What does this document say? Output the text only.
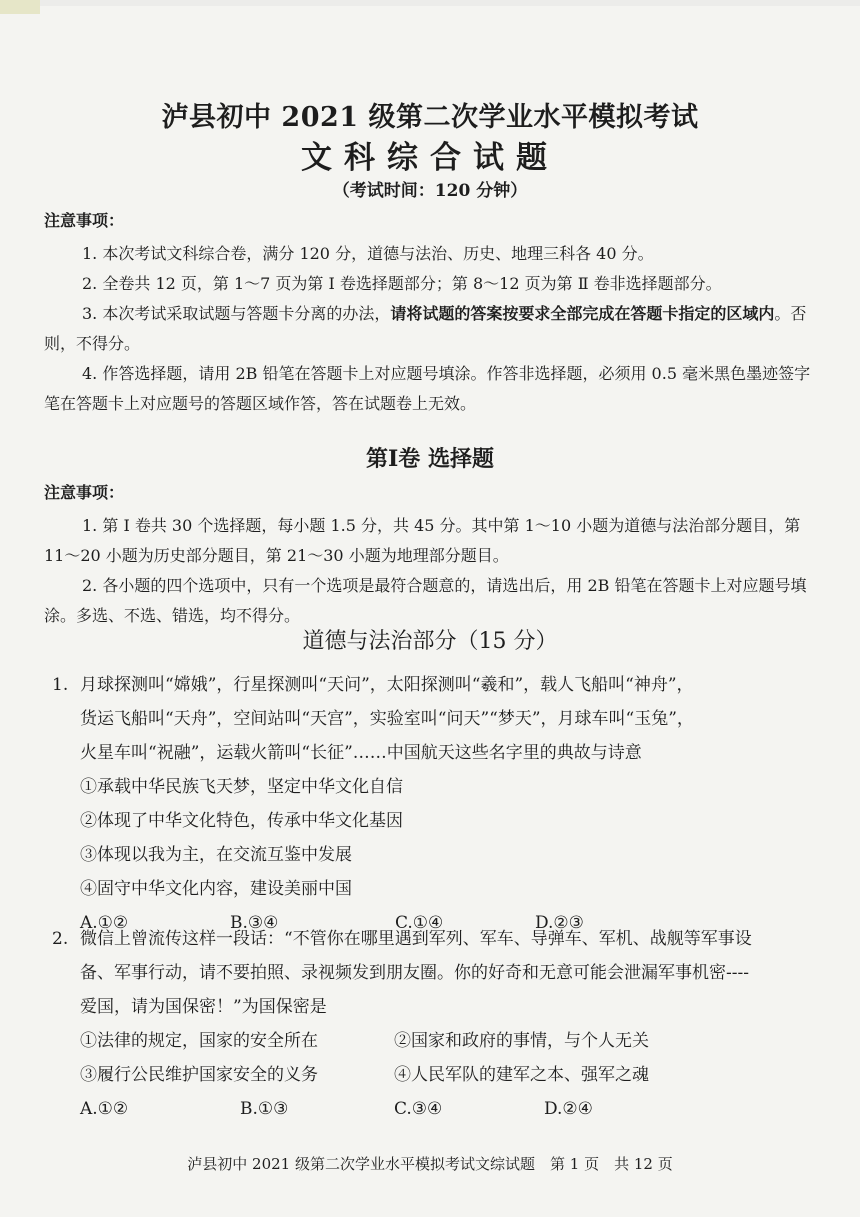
泸县初中 2021 级第二次学业水平模拟考试
文科综合试题
（考试时间：120 分钟）
注意事项：
1. 本次考试文科综合卷，满分 120 分，道德与法治、历史、地理三科各 40 分。
2. 全卷共 12 页，第 1～7 页为第 Ⅰ 卷选择题部分；第 8～12 页为第 Ⅱ 卷非选择题部分。
3. 本次考试采取试题与答题卡分离的办法，请将试题的答案按要求全部完成在答题卡指定的区域内。否则，不得分。
4. 作答选择题，请用 2B 铅笔在答题卡上对应题号填涂。作答非选择题，必须用 0.5 毫米黑色墨迹签字笔在答题卡上对应题号的答题区域作答，答在试题卷上无效。
第Ⅰ卷 选择题
注意事项：
1. 第 Ⅰ 卷共 30 个选择题，每小题 1.5 分，共 45 分。其中第 1～10 小题为道德与法治部分题目，第 11～20 小题为历史部分题目，第 21～30 小题为地理部分题目。
2. 各小题的四个选项中，只有一个选项是最符合题意的，请选出后，用 2B 铅笔在答题卡上对应题号填涂。多选、不选、错选，均不得分。
道德与法治部分（15 分）
1. 月球探测叫“嫦娥”，行星探测叫“天问”，太阳探测叫“羲和”，载人飞船叫“神舟”，
货运飞船叫“天舟”，空间站叫“天宫”，实验室叫“问天”“梦天”，月球车叫“玉兔”，
火星车叫“祝融”，运载火箭叫“长征”……中国航天这些名字里的典故与诗意
①承载中华民族飞天梦，坚定中华文化自信
②体现了中华文化特色，传承中华文化基因
③体现以我为主，在交流互鉴中发展
④固守中华文化内容，建设美丽中国
A.①②	B.③④	C.①④	D.②③
2. 微信上曾流传这样一段话：“不管你在哪里遇到军列、军车、导弹车、军机、战舰等军事设
备、军事行动，请不要拍照、录视频发到朋友圈。你的好奇和无意可能会泄漏军事机密----
爱国，请为国保密！”为国保密是
①法律的规定，国家的安全所在	②国家和政府的事情，与个人无关
③履行公民维护国家安全的义务	④人民军队的建军之本、强军之魂
A.①②	B.①③	C.③④	D.②④
泸县初中 2021 级第二次学业水平模拟考试文综试题　第 1 页　共 12 页
